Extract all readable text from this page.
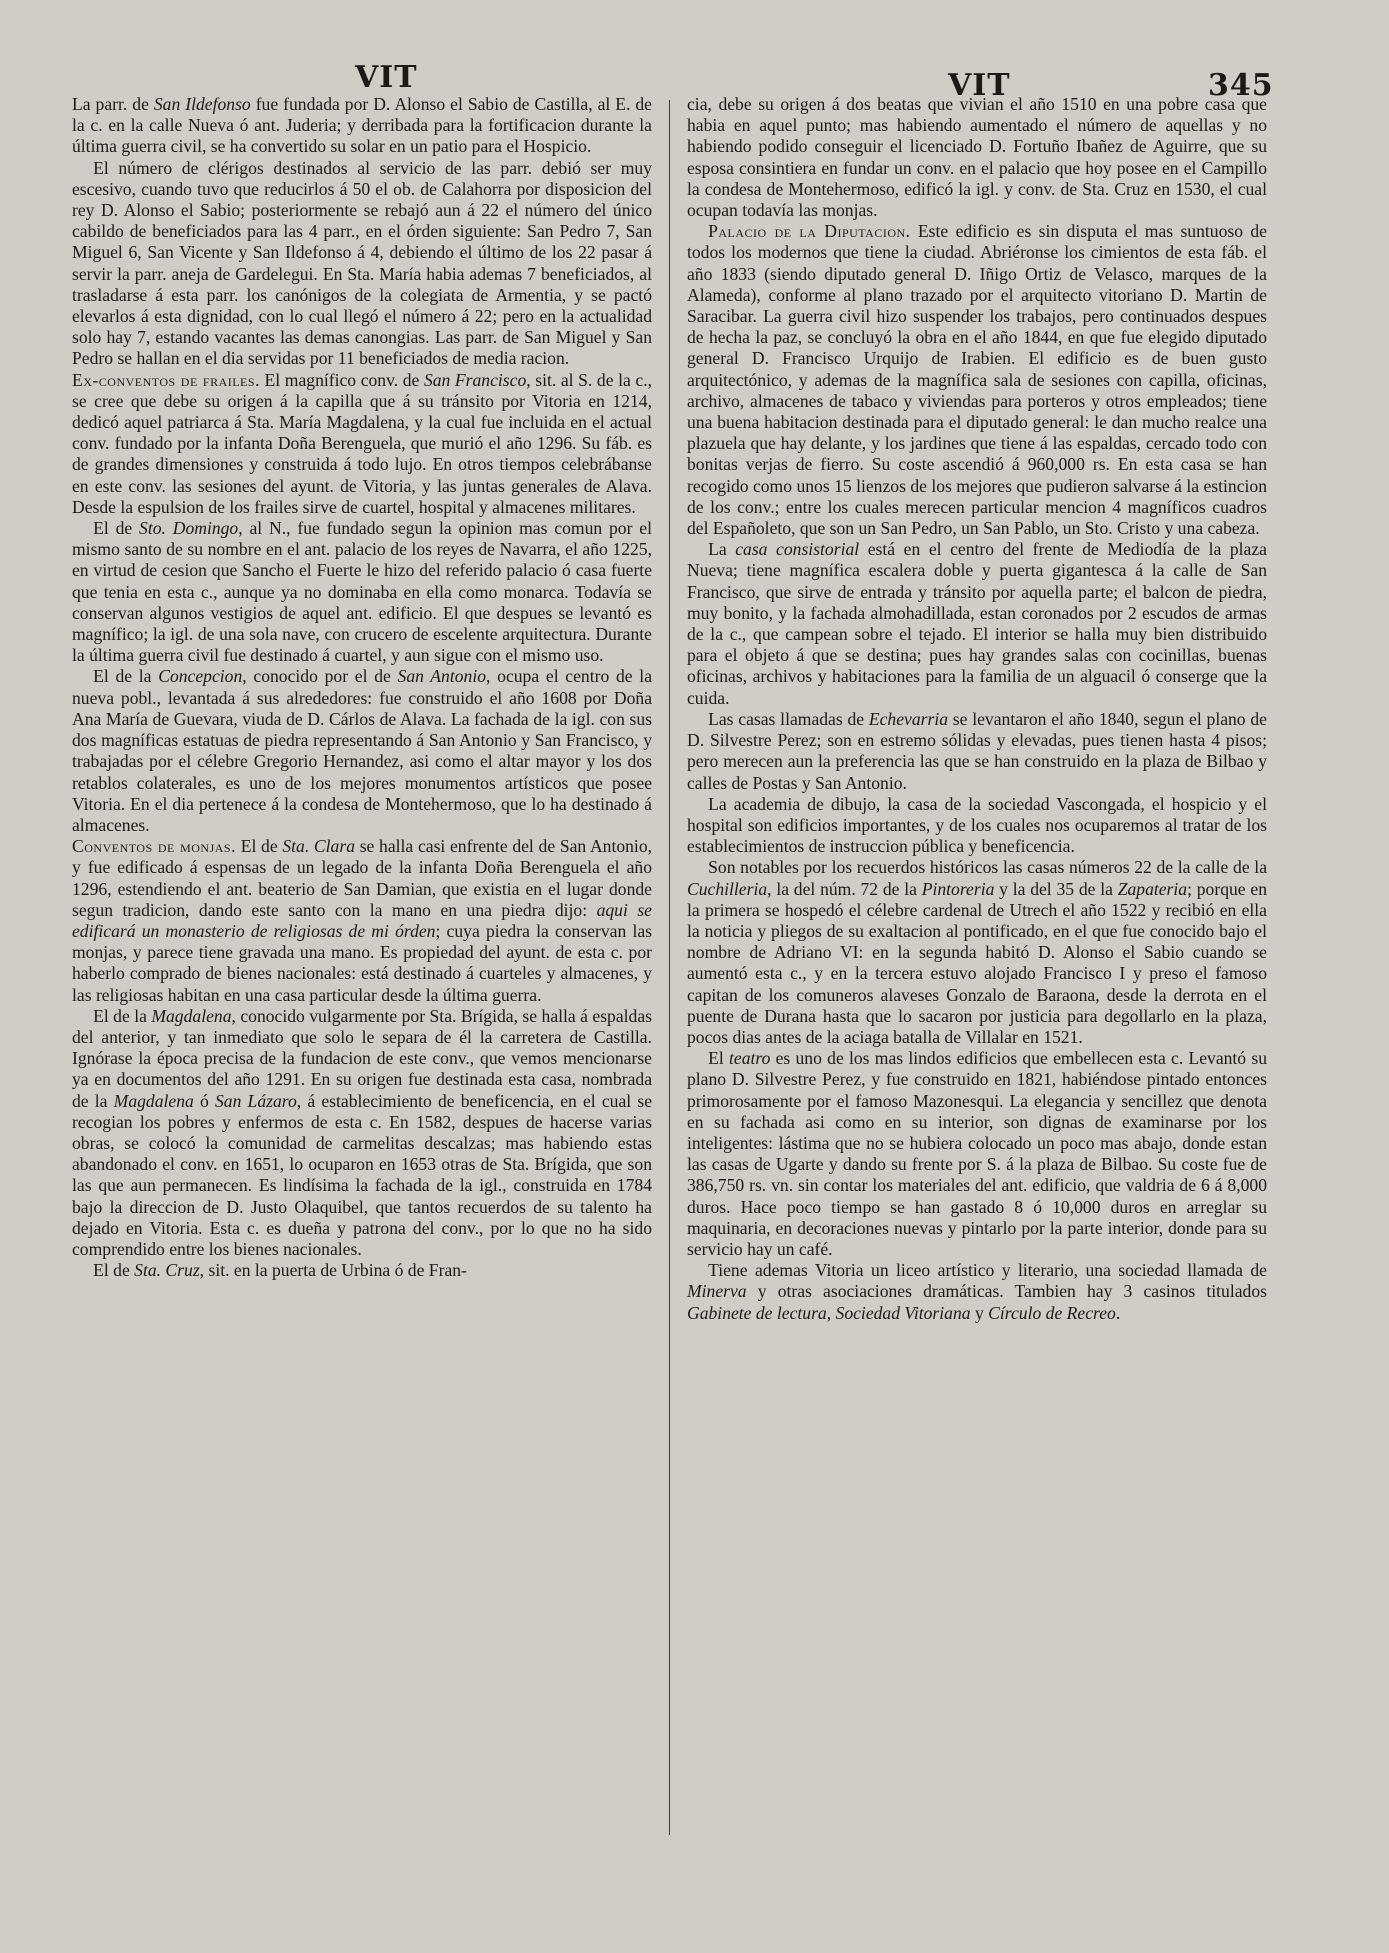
VIT	VIT	345

La parr. de San Ildefonso fue fundada por D. Alonso el Sabio de Castilla, al E. de la c. en la calle Nueva ó ant. Juderia; y derribada para la fortificacion durante la última guerra civil, se ha convertido su solar en un patio para el Hospicio.

El número de clérigos destinados al servicio de las parr. debió ser muy escesivo, cuando tuvo que reducirlos á 50 el ob. de Calahorra por disposicion del rey D. Alonso el Sabio; posteriormente se rebajó aun á 22 el número del único cabildo de beneficiados para las 4 parr., en el órden siguiente: San Pedro 7, San Miguel 6, San Vicente y San Ildefonso á 4, debiendo el último de los 22 pasar á servir la parr. aneja de Gardelegui. En Sta. María habia ademas 7 beneficiados, al trasladarse á esta parr. los canónigos de la colegiata de Armentia, y se pactó elevarlos á esta dignidad, con lo cual llegó el número á 22; pero en la actualidad solo hay 7, estando vacantes las demas canongias. Las parr. de San Miguel y San Pedro se hallan en el dia servidas por 11 beneficiados de media racion.

Ex-conventos de frailes. El magnífico conv. de San Francisco, sit. al S. de la c., se cree que debe su origen á la capilla que á su tránsito por Vitoria en 1214, dedicó aquel patriarca á Sta. María Magdalena, y la cual fue incluida en el actual conv. fundado por la infanta Doña Berenguela, que murió el año 1296. Su fáb. es de grandes dimensiones y construida á todo lujo. En otros tiempos celebrábanse en este conv. las sesiones del ayunt. de Vitoria, y las juntas generales de Alava. Desde la espulsion de los frailes sirve de cuartel, hospital y almacenes militares.

El de Sto. Domingo, al N., fue fundado segun la opinion mas comun por el mismo santo de su nombre en el ant. palacio de los reyes de Navarra, el año 1225, en virtud de cesion que Sancho el Fuerte le hizo del referido palacio ó casa fuerte que tenia en esta c., aunque ya no dominaba en ella como monarca. Todavía se conservan algunos vestigios de aquel ant. edificio. El que despues se levantó es magnífico; la igl. de una sola nave, con crucero de escelente arquitectura. Durante la última guerra civil fue destinado á cuartel, y aun sigue con el mismo uso.

El de la Concepcion, conocido por el de San Antonio, ocupa el centro de la nueva pobl., levantada á sus alrededores: fue construido el año 1608 por Doña Ana María de Guevara, viuda de D. Cárlos de Alava. La fachada de la igl. con sus dos magníficas estatuas de piedra representando á San Antonio y San Francisco, y trabajadas por el célebre Gregorio Hernandez, asi como el altar mayor y los dos retablos colaterales, es uno de los mejores monumentos artísticos que posee Vitoria. En el dia pertenece á la condesa de Montehermoso, que lo ha destinado á almacenes.

Conventos de monjas. El de Sta. Clara se halla casi enfrente del de San Antonio, y fue edificado á espensas de un legado de la infanta Doña Berenguela el año 1296, estendiendo el ant. beaterio de San Damian, que existia en el lugar donde segun tradicion, dando este santo con la mano en una piedra dijo: aqui se edificará un monasterio de religiosas de mi órden; cuya piedra la conservan las monjas, y parece tiene gravada una mano. Es propiedad del ayunt. de esta c. por haberlo comprado de bienes nacionales: está destinado á cuarteles y almacenes, y las religiosas habitan en una casa particular desde la última guerra.

El de la Magdalena, conocido vulgarmente por Sta. Brígida, se halla á espaldas del anterior, y tan inmediato que solo le separa de él la carretera de Castilla. Ignórase la época precisa de la fundacion de este conv., que vemos mencionarse ya en documentos del año 1291. En su origen fue destinada esta casa, nombrada de la Magdalena ó San Lázaro, á establecimiento de beneficencia, en el cual se recogian los pobres y enfermos de esta c. En 1582, despues de hacerse varias obras, se colocó la comunidad de carmelitas descalzas; mas habiendo estas abandonado el conv. en 1651, lo ocuparon en 1653 otras de Sta. Brígida, que son las que aun permanecen. Es lindísima la fachada de la igl., construida en 1784 bajo la direccion de D. Justo Olaquibel, que tantos recuerdos de su talento ha dejado en Vitoria. Esta c. es dueña y patrona del conv., por lo que no ha sido comprendido entre los bienes nacionales.

El de Sta. Cruz, sit. en la puerta de Urbina ó de Fran-

cia, debe su origen á dos beatas que vivian el año 1510 en una pobre casa que habia en aquel punto; mas habiendo aumentado el número de aquellas y no habiendo podido conseguir el licenciado D. Fortuño Ibañez de Aguirre, que su esposa consintiera en fundar un conv. en el palacio que hoy posee en el Campillo la condesa de Montehermoso, edificó la igl. y conv. de Sta. Cruz en 1530, el cual ocupan todavía las monjas.

Palacio de la Diputacion. Este edificio es sin disputa el mas suntuoso de todos los modernos que tiene la ciudad. Abriéronse los cimientos de esta fáb. el año 1833 (siendo diputado general D. Iñigo Ortiz de Velasco, marques de la Alameda), conforme al plano trazado por el arquitecto vitoriano D. Martin de Saracibar. La guerra civil hizo suspender los trabajos, pero continuados despues de hecha la paz, se concluyó la obra en el año 1844, en que fue elegido diputado general D. Francisco Urquijo de Irabien. El edificio es de buen gusto arquitectónico, y ademas de la magnífica sala de sesiones con capilla, oficinas, archivo, almacenes de tabaco y viviendas para porteros y otros empleados; tiene una buena habitacion destinada para el diputado general: le dan mucho realce una plazuela que hay delante, y los jardines que tiene á las espaldas, cercado todo con bonitas verjas de fierro. Su coste ascendió á 960,000 rs. En esta casa se han recogido como unos 15 lienzos de los mejores que pudieron salvarse á la estincion de los conv.; entre los cuales merecen particular mencion 4 magníficos cuadros del Españoleto, que son un San Pedro, un San Pablo, un Sto. Cristo y una cabeza.

La casa consistorial está en el centro del frente de Mediodía de la plaza Nueva; tiene magnífica escalera doble y puerta gigantesca á la calle de San Francisco, que sirve de entrada y tránsito por aquella parte; el balcon de piedra, muy bonito, y la fachada almohadillada, estan coronados por 2 escudos de armas de la c., que campean sobre el tejado. El interior se halla muy bien distribuido para el objeto á que se destina; pues hay grandes salas con cocinillas, buenas oficinas, archivos y habitaciones para la familia de un alguacil ó conserge que la cuida.

Las casas llamadas de Echevarria se levantaron el año 1840, segun el plano de D. Silvestre Perez; son en estremo sólidas y elevadas, pues tienen hasta 4 pisos; pero merecen aun la preferencia las que se han construido en la plaza de Bilbao y calles de Postas y San Antonio.

La academia de dibujo, la casa de la sociedad Vascongada, el hospicio y el hospital son edificios importantes, y de los cuales nos ocuparemos al tratar de los establecimientos de instruccion pública y beneficencia.

Son notables por los recuerdos históricos las casas números 22 de la calle de la Cuchilleria, la del núm. 72 de la Pintoreria y la del 35 de la Zapateria; porque en la primera se hospedó el célebre cardenal de Utrech el año 1522 y recibió en ella la noticia y pliegos de su exaltacion al pontificado, en el que fue conocido bajo el nombre de Adriano VI: en la segunda habitó D. Alonso el Sabio cuando se aumentó esta c., y en la tercera estuvo alojado Francisco I y preso el famoso capitan de los comuneros alaveses Gonzalo de Baraona, desde la derrota en el puente de Durana hasta que lo sacaron por justicia para degollarlo en la plaza, pocos dias antes de la aciaga batalla de Villalar en 1521.

El teatro es uno de los mas lindos edificios que embellecen esta c. Levantó su plano D. Silvestre Perez, y fue construido en 1821, habiéndose pintado entonces primorosamente por el famoso Mazonesqui. La elegancia y sencillez que denota en su fachada asi como en su interior, son dignas de examinarse por los inteligentes: lástima que no se hubiera colocado un poco mas abajo, donde estan las casas de Ugarte y dando su frente por S. á la plaza de Bilbao. Su coste fue de 386,750 rs. vn. sin contar los materiales del ant. edificio, que valdria de 6 á 8,000 duros. Hace poco tiempo se han gastado 8 ó 10,000 duros en arreglar su maquinaria, en decoraciones nuevas y pintarlo por la parte interior, donde para su servicio hay un café.

Tiene ademas Vitoria un liceo artístico y literario, una sociedad llamada de Minerva y otras asociaciones dramáticas. Tambien hay 3 casinos titulados Gabinete de lectura, Sociedad Vitoriana y Círculo de Recreo.
